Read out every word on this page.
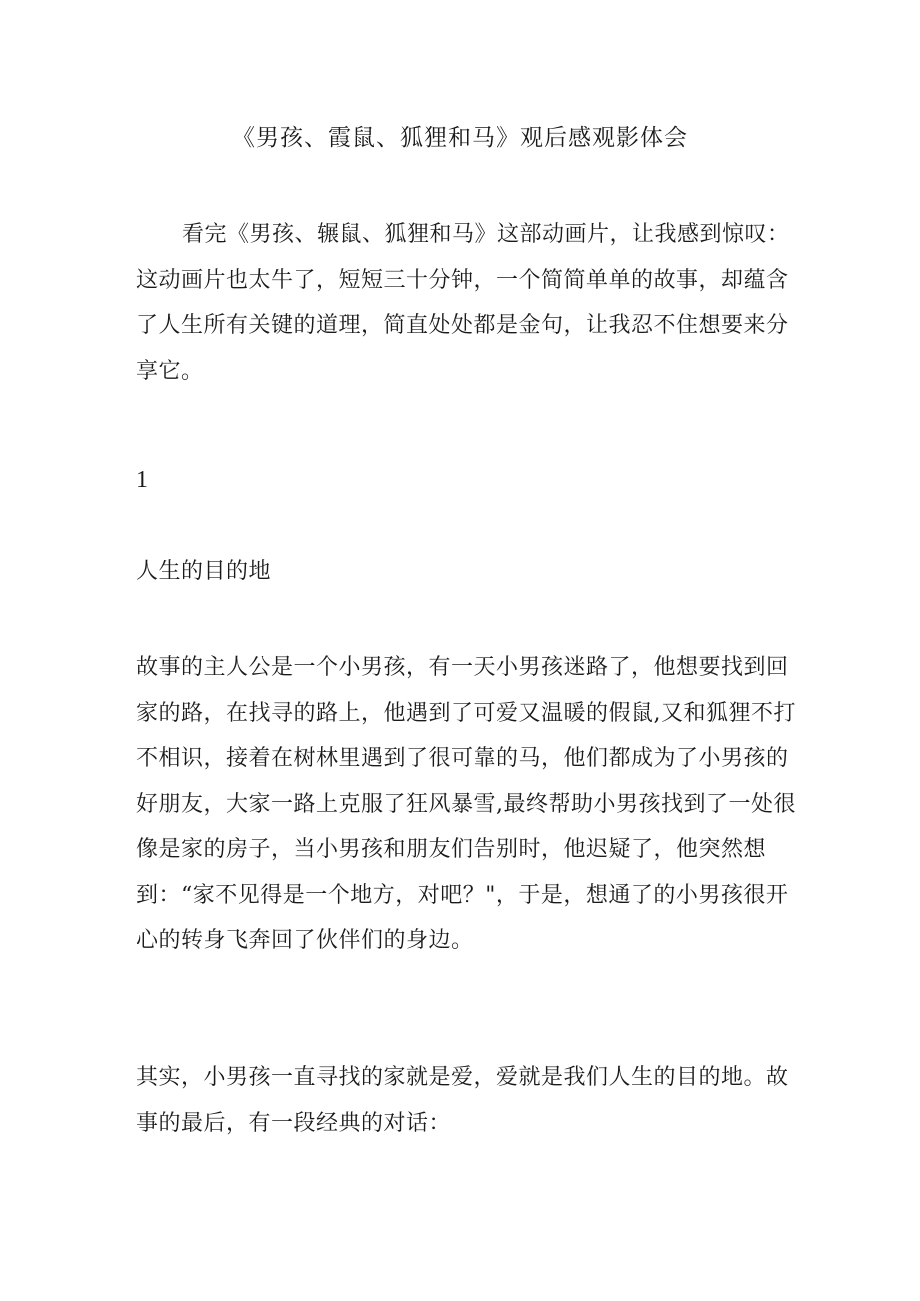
《男孩、霞鼠、狐狸和马》观后感观影体会

看完《男孩、辗鼠、狐狸和马》这部动画片，让我感到惊叹：这动画片也太牛了，短短三十分钟，一个简简单单的故事，却蕴含了人生所有关键的道理，简直处处都是金句，让我忍不住想要来分享它。

1

人生的目的地

故事的主人公是一个小男孩，有一天小男孩迷路了，他想要找到回家的路，在找寻的路上，他遇到了可爱又温暖的假鼠,又和狐狸不打不相识，接着在树林里遇到了很可靠的马，他们都成为了小男孩的好朋友，大家一路上克服了狂风暴雪,最终帮助小男孩找到了一处很像是家的房子，当小男孩和朋友们告别时，他迟疑了，他突然想到：“家不见得是一个地方，对吧？"，于是，想通了的小男孩很开心的转身飞奔回了伙伴们的身边。

其实，小男孩一直寻找的家就是爱，爱就是我们人生的目的地。故事的最后，有一段经典的对话：
